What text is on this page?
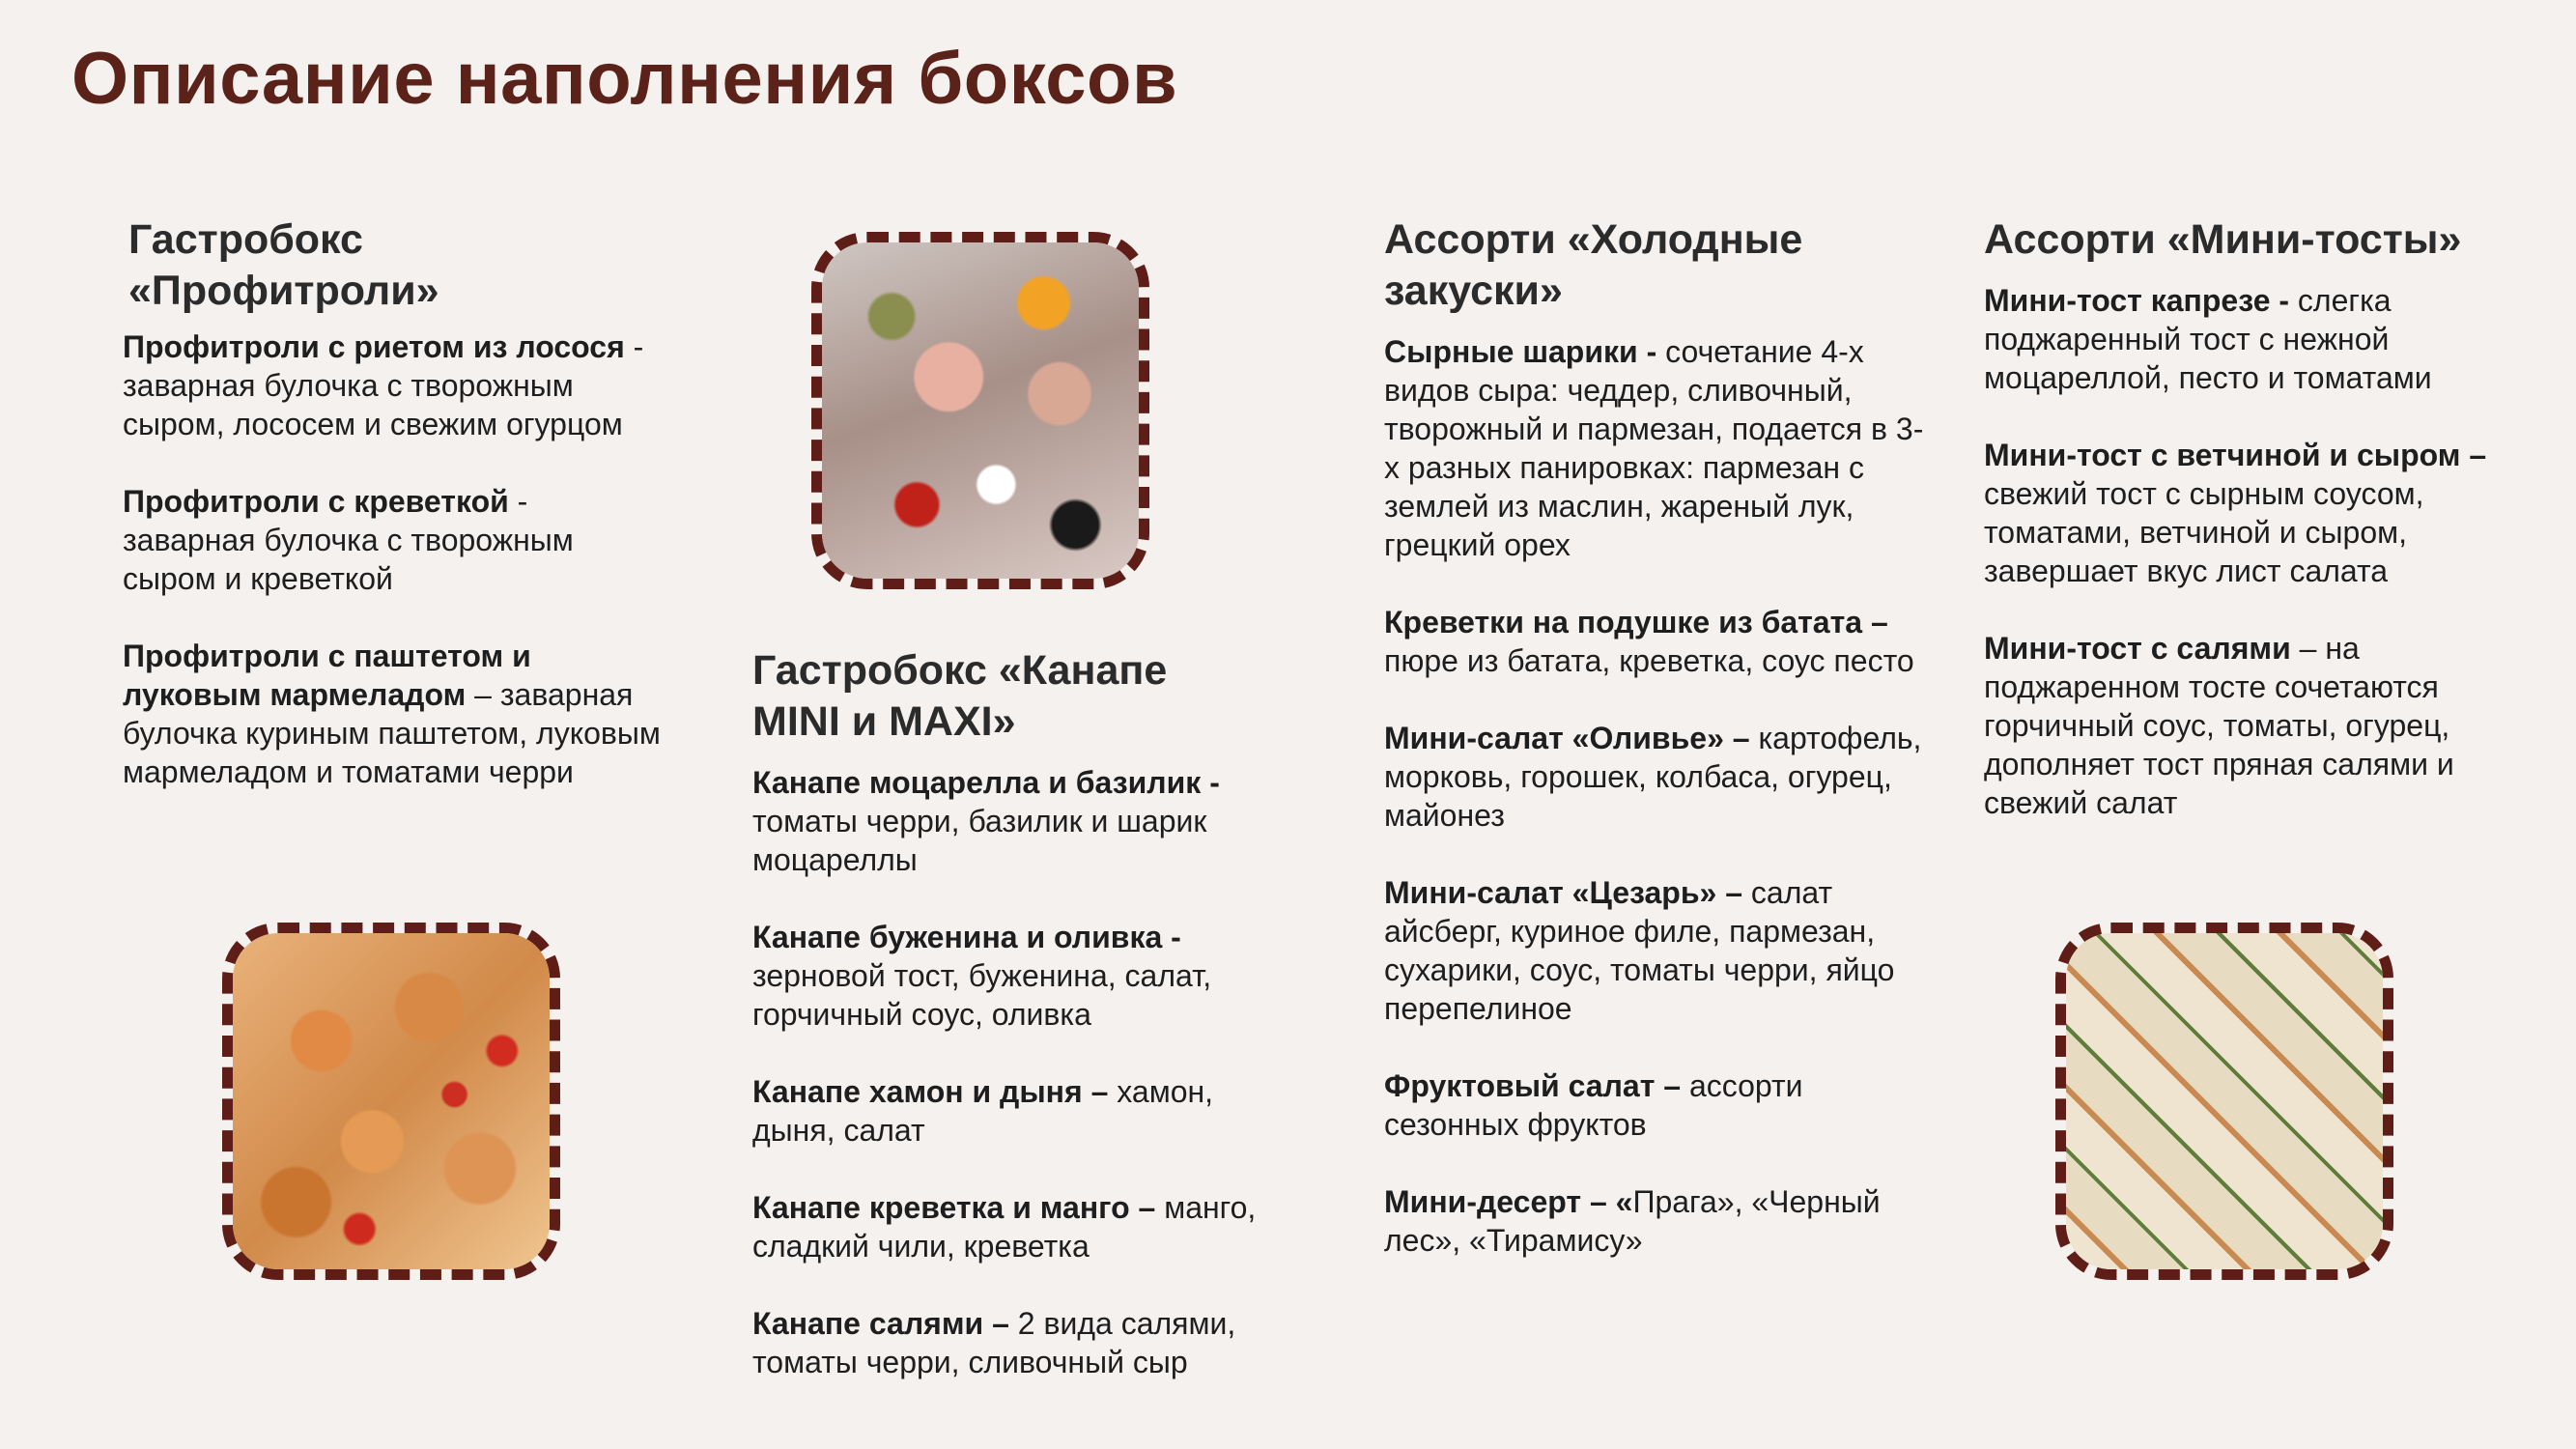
Описание наполнения боксов
Гастробокс «Профитроли»

Профитроли с риетом из лосося - заварная булочка с творожным сыром, лососем и свежим огурцом

Профитроли с креветкой - заварная булочка с творожным сыром и креветкой

Профитроли с паштетом и луковым мармеладом – заварная булочка куриным паштетом, луковым мармеладом и томатами черри

Гастробокс «Канапе MINI и MAXI»

Канапе моцарелла и базилик - томаты черри, базилик и шарик моцареллы

Канапе буженина и оливка - зерновой тост, буженина, салат, горчичный соус, оливка

Канапе хамон и дыня – хамон, дыня, салат

Канапе креветка и манго – манго, сладкий чили, креветка

Канапе салями – 2 вида салями, томаты черри, сливочный сыр

Ассорти «Холодные закуски»

Сырные шарики - сочетание 4-х видов сыра: чеддер, сливочный, творожный и пармезан, подается в 3-х разных панировках: пармезан с землей из маслин, жареный лук, грецкий орех

Креветки на подушке из батата – пюре из батата, креветка, соус песто

Мини-салат «Оливье» – картофель, морковь, горошек, колбаса, огурец, майонез

Мини-салат «Цезарь» – салат айсберг, куриное филе, пармезан, сухарики, соус, томаты черри, яйцо перепелиное

Фруктовый салат – ассорти сезонных фруктов

Мини-десерт – «Прага», «Черный лес», «Тирамису»

Ассорти «Мини-тосты»

Мини-тост капрезе - слегка поджаренный тост с нежной моцареллой, песто и томатами

Мини-тост с ветчиной и сыром – свежий тост с сырным соусом, томатами, ветчиной и сыром, завершает вкус лист салата

Мини-тост с салями – на поджаренном тосте сочетаются горчичный соус, томаты, огурец, дополняет тост пряная салями и свежий салат
